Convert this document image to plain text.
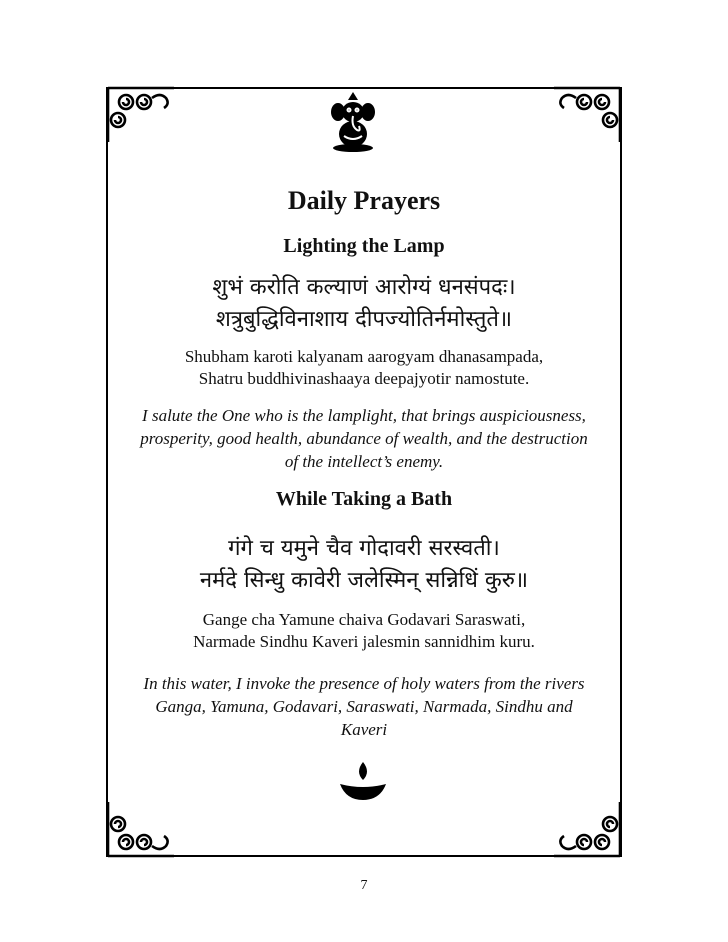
Daily Prayers
Lighting the Lamp
शुभं करोति कल्याणं आरोग्यं धनसंपदः।
शत्रुबुद्धिविनाशाय दीपज्योतिर्नमोस्तुते॥
Shubham karoti kalyanam aarogyam dhanasampada,
Shatru buddhivinashaaya deepajyotir namostute.
I salute the One who is the lamplight, that brings auspiciousness,
prosperity, good health, abundance of wealth, and the destruction
of the intellect’s enemy.
While Taking a Bath
गंगे च यमुने चैव गोदावरी सरस्वती।
नर्मदे सिन्धु कावेरी जलेस्मिन् सन्निधिं कुरु॥
Gange cha Yamune chaiva Godavari Saraswati,
Narmade Sindhu Kaveri jalesmin sannidhim kuru.
In this water, I invoke the presence of holy waters from the rivers
Ganga, Yamuna, Godavari, Saraswati, Narmada, Sindhu and
Kaveri
7
